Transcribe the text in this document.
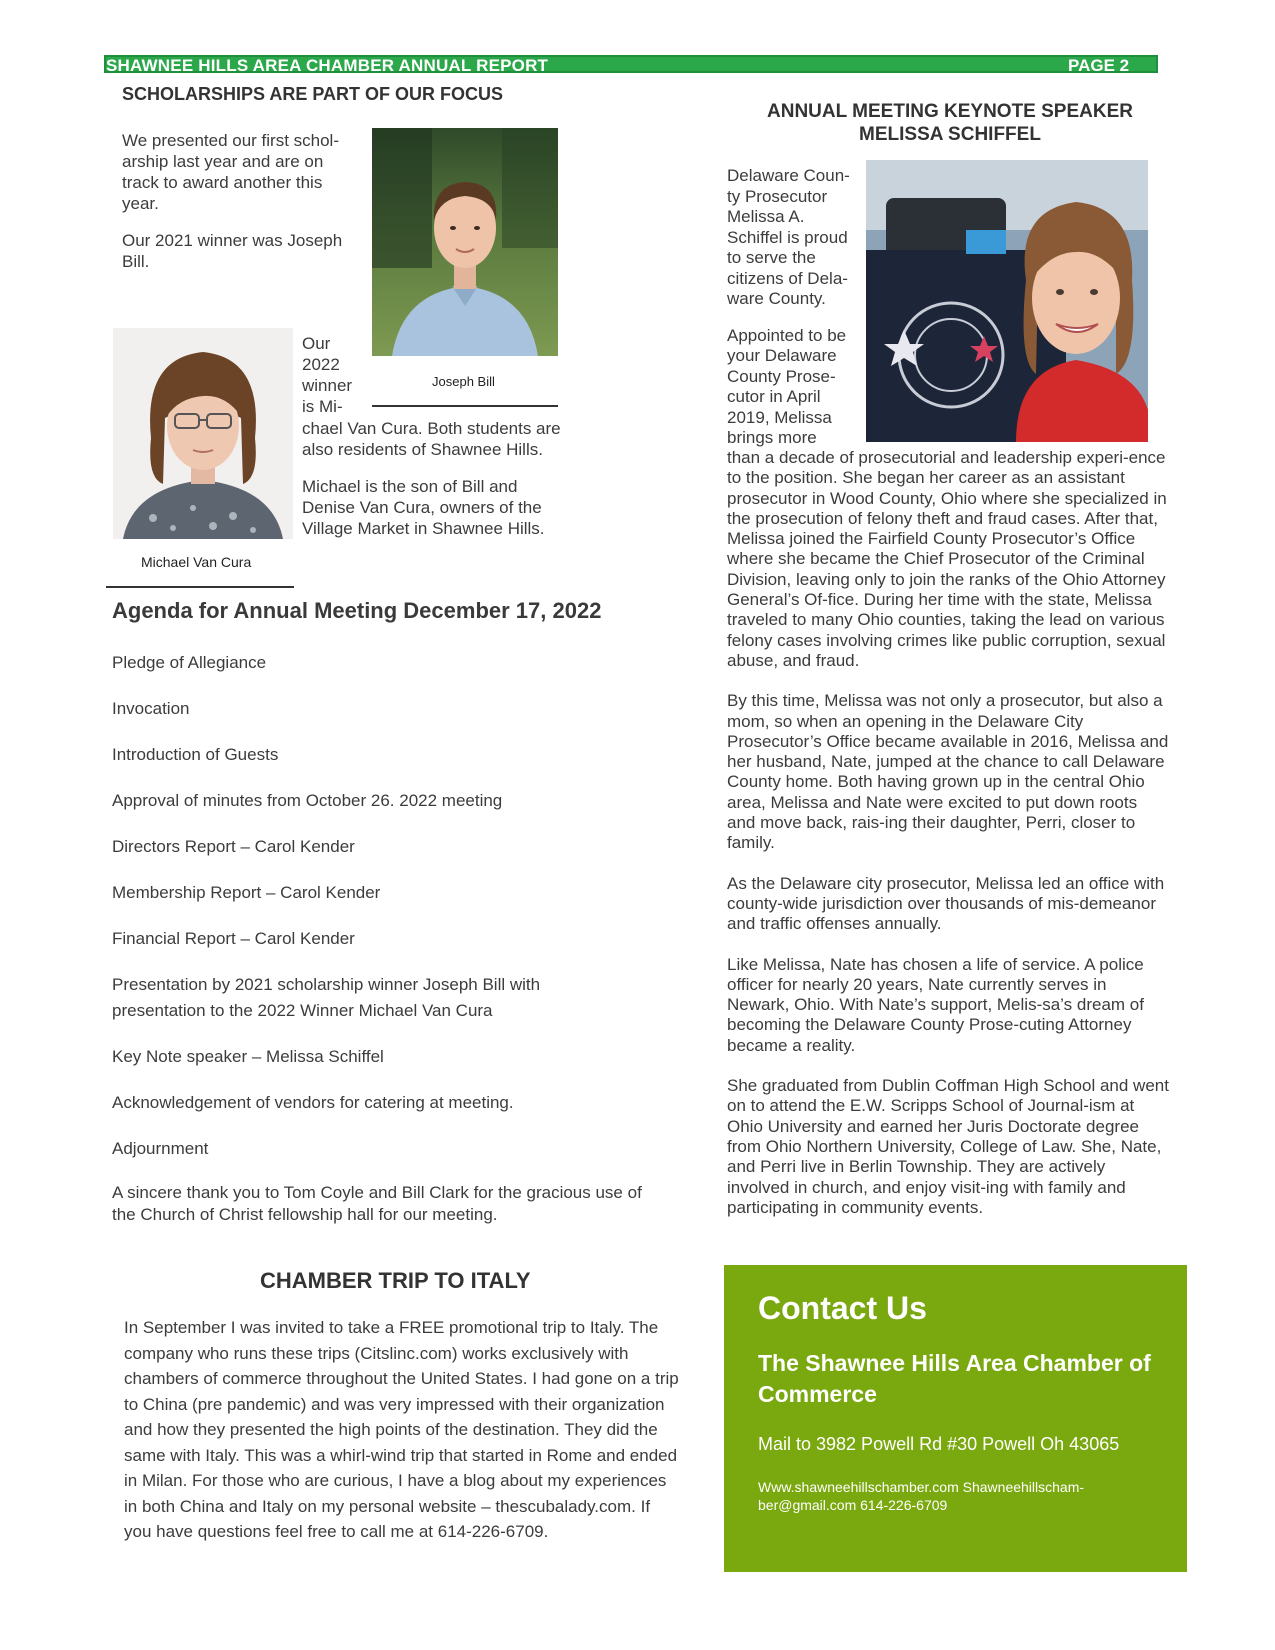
SHAWNEE HILLS AREA CHAMBER ANNUAL REPORT	PAGE 2
SCHOLARSHIPS ARE PART OF OUR FOCUS

We presented our first schol-arship last year and are on track to award another this year.

Our 2021 winner was Joseph Bill.

Joseph Bill
Michael Van Cura

Our 2022 winner is Mi-

chael Van Cura. Both students are also residents of Shawnee Hills.

Michael is the son of Bill and Denise Van Cura, owners of the Village Market in Shawnee Hills.

Agenda for Annual Meeting December 17, 2022
Pledge of Allegiance
Invocation
Introduction of Guests
Approval of minutes from October 26. 2022 meeting
Directors Report – Carol Kender
Membership Report – Carol Kender
Financial Report – Carol Kender
Presentation by 2021 scholarship winner Joseph Bill with presentation to the 2022 Winner Michael Van Cura
Key Note speaker – Melissa Schiffel
Acknowledgement of vendors for catering at meeting.
Adjournment
A sincere thank you to Tom Coyle and Bill Clark for the gracious use of the Church of Christ fellowship hall for our meeting.
CHAMBER TRIP TO ITALY
In September I was invited to take a FREE promotional trip to Italy. The company who runs these trips (Citslinc.com) works exclusively with chambers of commerce throughout the United States. I had gone on a trip to China (pre pandemic) and was very impressed with their organization and how they presented the high points of the destination. They did the same with Italy. This was a whirl-wind trip that started in Rome and ended in Milan. For those who are curious, I have a blog about my experiences in both China and Italy on my personal website – thescubalady.com. If you have questions feel free to call me at 614-226-6709.
ANNUAL MEETING KEYNOTE SPEAKER
MELISSA SCHIFFEL

Delaware Coun-ty Prosecutor Melissa A. Schiffel is proud to serve the citizens of Dela-ware County.

Appointed to be your Delaware County Prose-cutor in April 2019, Melissa brings more

than a decade of prosecutorial and leadership experi-ence to the position. She began her career as an assistant prosecutor in Wood County, Ohio where she specialized in the prosecution of felony theft and fraud cases. After that, Melissa joined the Fairfield County Prosecutor’s Office where she became the Chief Prosecutor of the Criminal Division, leaving only to join the ranks of the Ohio Attorney General’s Of-fice. During her time with the state, Melissa traveled to many Ohio counties, taking the lead on various felony cases involving crimes like public corruption, sexual abuse, and fraud.

By this time, Melissa was not only a prosecutor, but also a mom, so when an opening in the Delaware City Prosecutor’s Office became available in 2016, Melissa and her husband, Nate, jumped at the chance to call Delaware County home. Both having grown up in the central Ohio area, Melissa and Nate were excited to put down roots and move back, rais-ing their daughter, Perri, closer to family.

As the Delaware city prosecutor, Melissa led an office with county-wide jurisdiction over thousands of mis-demeanor and traffic offenses annually.

Like Melissa, Nate has chosen a life of service. A police officer for nearly 20 years, Nate currently serves in Newark, Ohio. With Nate’s support, Melis-sa’s dream of becoming the Delaware County Prose-cuting Attorney became a reality.

She graduated from Dublin Coffman High School and went on to attend the E.W. Scripps School of Journal-ism at Ohio University and earned her Juris Doctorate degree from Ohio Northern University, College of Law. She, Nate, and Perri live in Berlin Township. They are actively involved in church, and enjoy visit-ing with family and participating in community events.

Contact Us
The Shawnee Hills Area Chamber of Commerce
Mail to 3982 Powell Rd #30 Powell Oh 43065
Www.shawneehillschamber.com Shawneehillscham-
ber@gmail.com 614-226-6709
